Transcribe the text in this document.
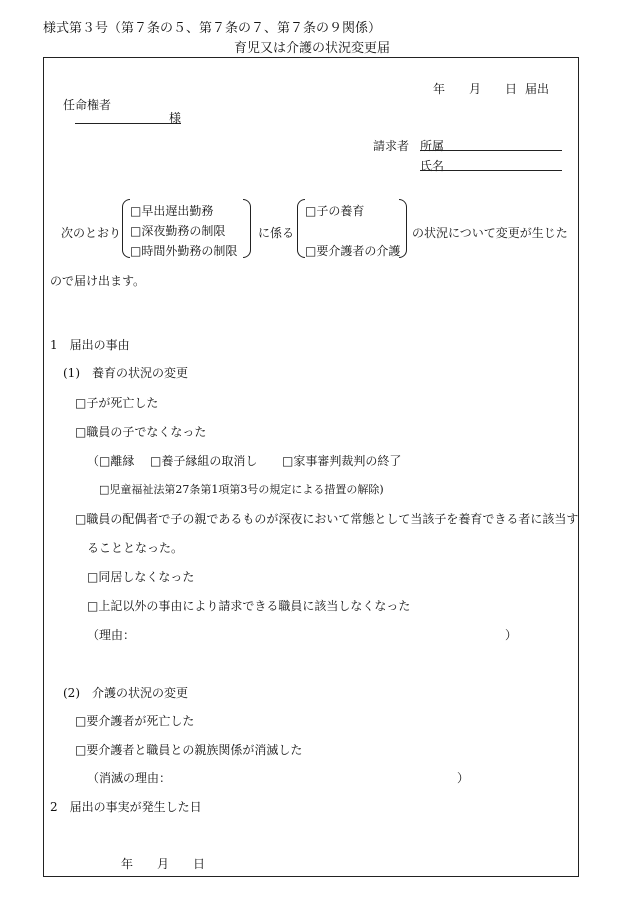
様式第３号（第７条の５、第７条の７、第７条の９関係）
育児又は介護の状況変更届
年 月 日 届出
任命権者
様
請求者 所属
氏名
次のとおり
□早出遅出勤務
□深夜勤務の制限
□時間外勤務の制限
に係る
□子の養育
□要介護者の介護
の状況について変更が生じた
ので届け出ます。
1　届出の事由
(1)　養育の状況の変更
□子が死亡した
□職員の子でなくなった
（ □離縁 □養子縁組の取消し □家事審判裁判の終了
□児童福祉法第27条第1項第3号の規定による措置の解除)
□職員の配偶者で子の親であるものが深夜において常態として当該子を養育できる者に該当す
ることとなった。
□同居しなくなった
□上記以外の事由により請求できる職員に該当しなくなった
（理由：	）
(2)　介護の状況の変更
□要介護者が死亡した
□要介護者と職員との親族関係が消滅した
（消滅の理由：	）
2　届出の事実が発生した日
年 月 日
